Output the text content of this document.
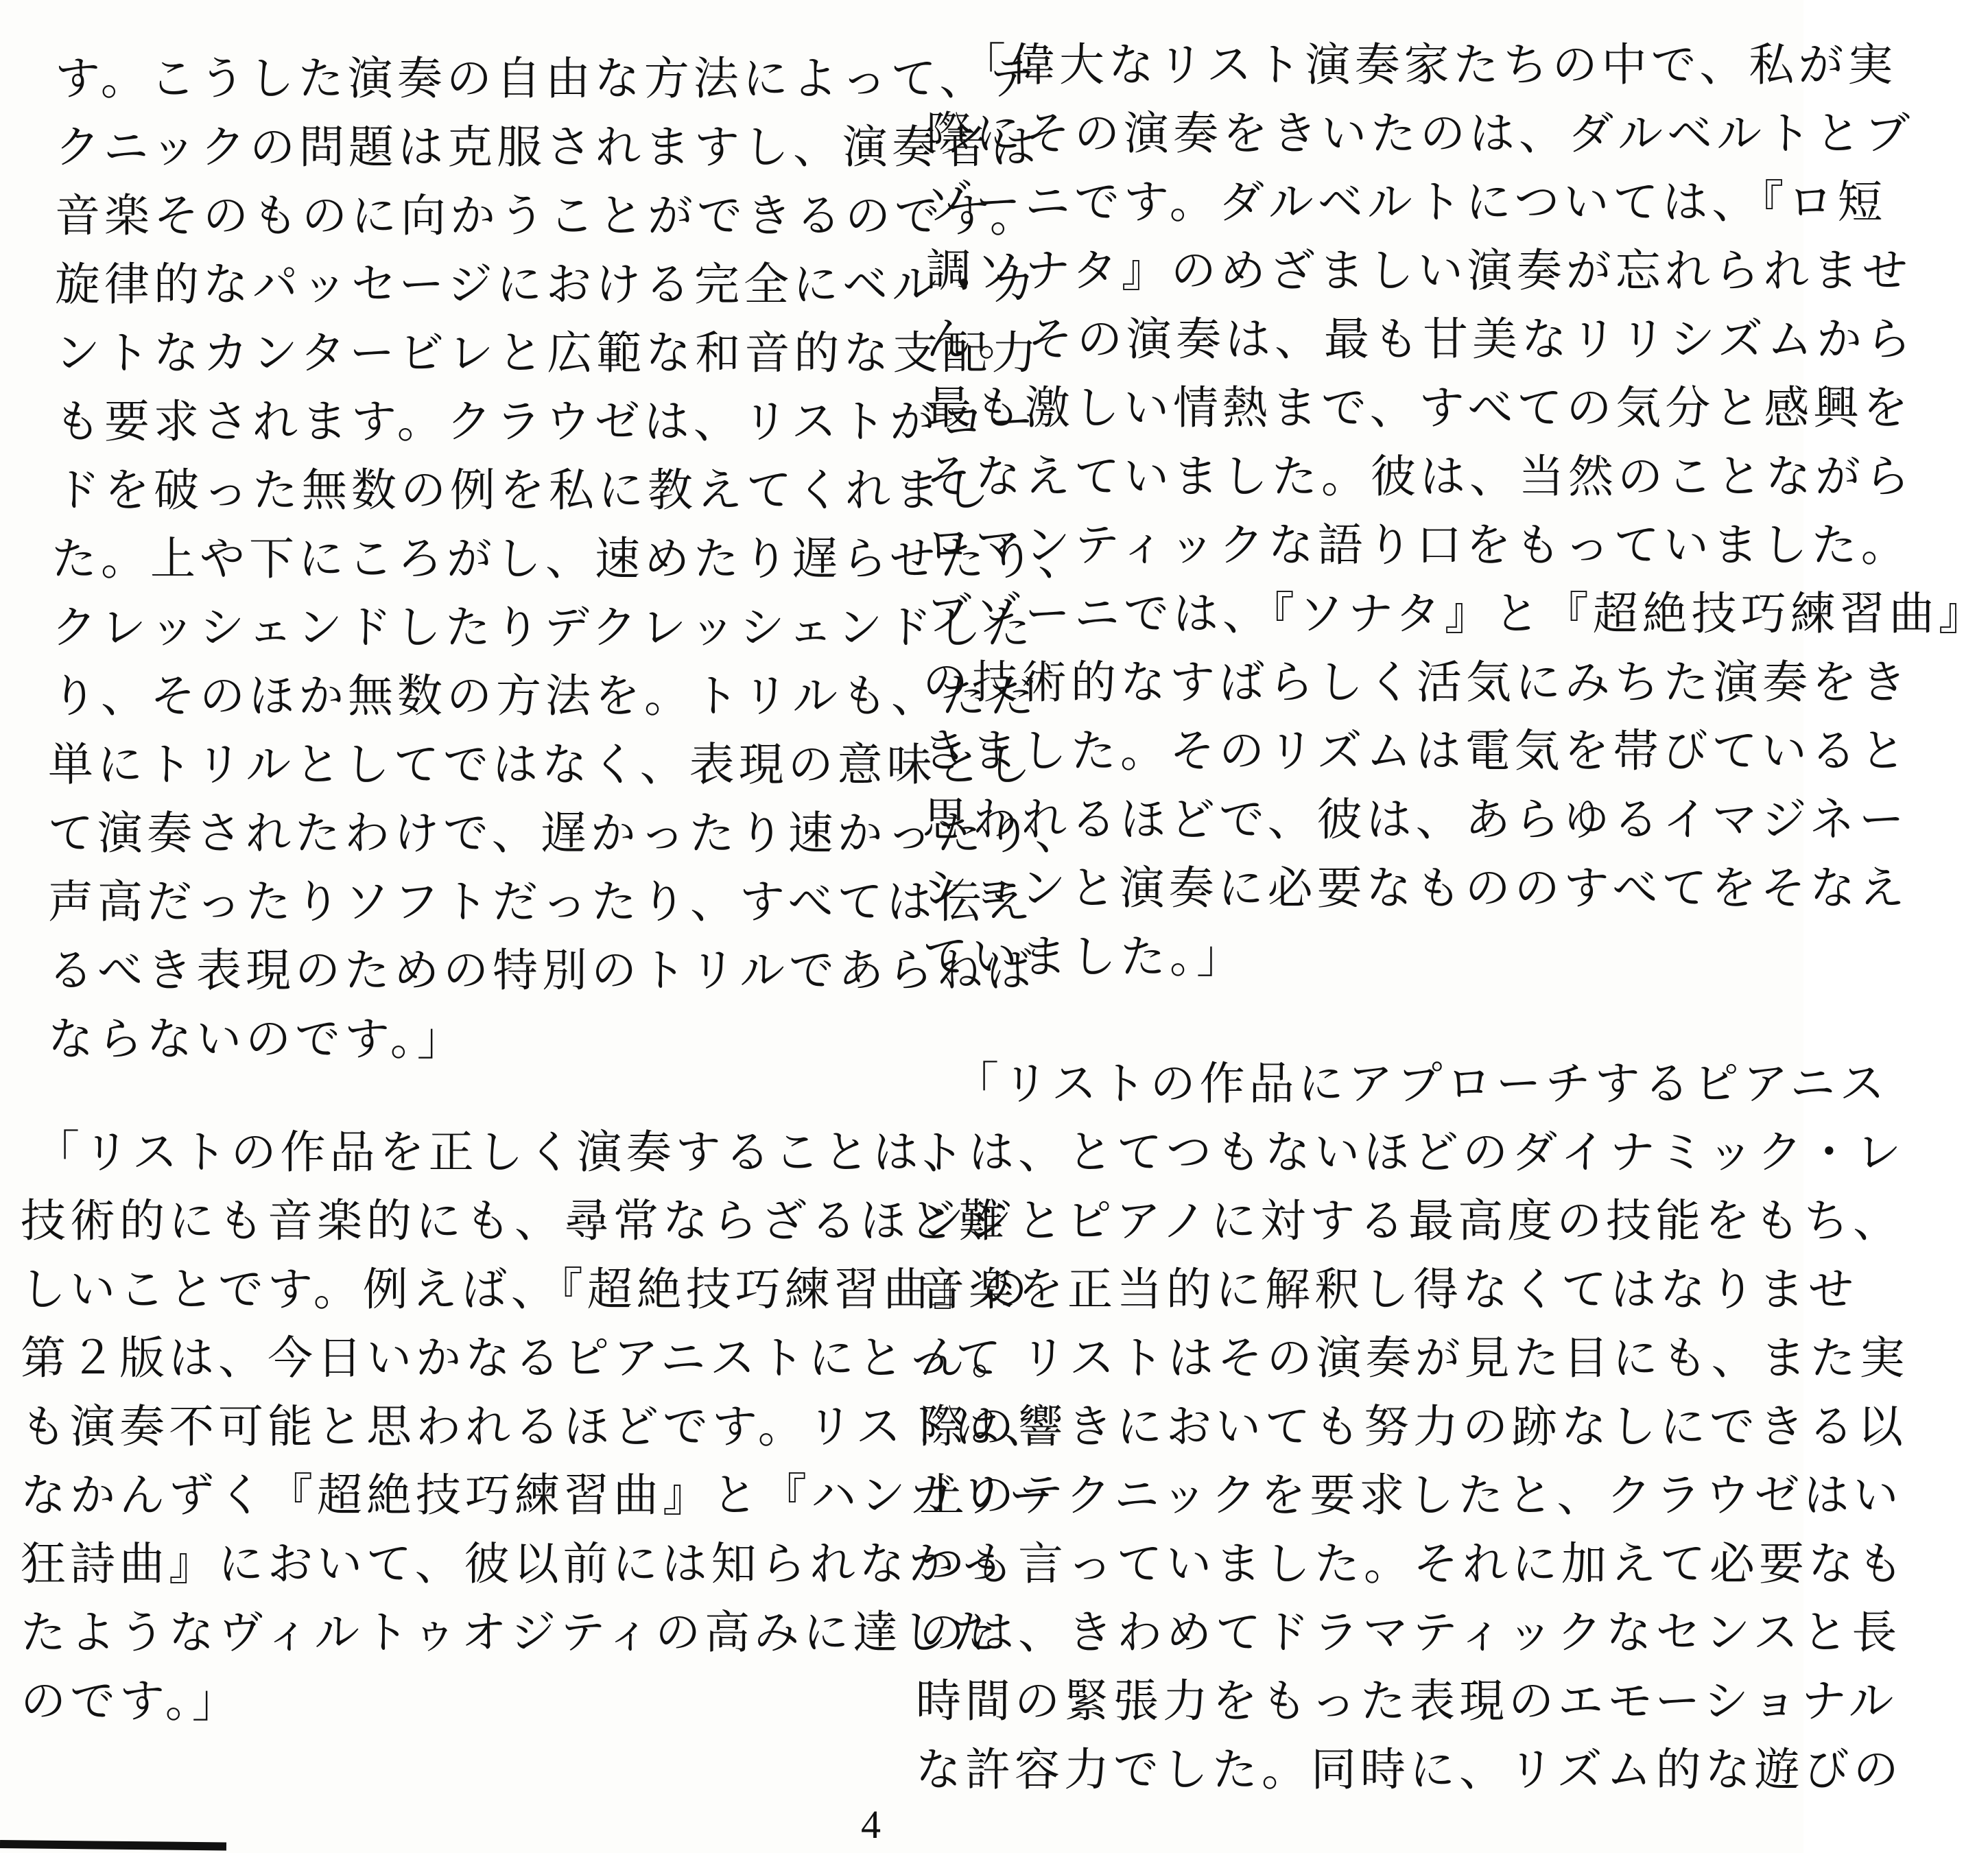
す。こうした演奏の自由な方法によって、テ
クニックの問題は克服されますし、演奏者は
音楽そのものに向かうことができるのです。
旋律的なパッセージにおける完全にベル・カ
ントなカンタービレと広範な和音的な支配力
も要求されます。クラウゼは、リストがコー
ドを破った無数の例を私に教えてくれまし
た。上や下にころがし、速めたり遅らせたり、
クレッシェンドしたりデクレッシェンドした
り、そのほか無数の方法を。トリルも、ただ
単にトリルとしてではなく、表現の意味とし
て演奏されたわけで、遅かったり速かったり、
声高だったりソフトだったり、すべては伝え
るべき表現のための特別のトリルであらねば
ならないのです。」
「リストの作品を正しく演奏することは、
技術的にも音楽的にも、尋常ならざるほど難
しいことです。例えば、『超絶技巧練習曲』の
第２版は、今日いかなるピアニストにとって
も演奏不可能と思われるほどです。リストは、
なかんずく『超絶技巧練習曲』と『ハンガリー
狂詩曲』において、彼以前には知られなかっ
たようなヴィルトゥオジティの高みに達した
のです。」
「偉大なリスト演奏家たちの中で、私が実
際にその演奏をきいたのは、ダルベルトとブ
ゾーニです。ダルベルトについては、『ロ短
調ソナタ』のめざましい演奏が忘れられませ
ん。その演奏は、最も甘美なリリシズムから
最も激しい情熱まで、すべての気分と感興を
そなえていました。彼は、当然のことながら
ロマンティックな語り口をもっていました。
ブゾーニでは、『ソナタ』と『超絶技巧練習曲』
の技術的なすばらしく活気にみちた演奏をき
きました。そのリズムは電気を帯びていると
思われるほどで、彼は、あらゆるイマジネー
ションと演奏に必要なもののすべてをそなえ
ていました。」
「リストの作品にアプローチするピアニス
トは、とてつもないほどのダイナミック・レ
ンジとピアノに対する最高度の技能をもち、
音楽を正当的に解釈し得なくてはなりませ
ん。リストはその演奏が見た目にも、また実
際の響きにおいても努力の跡なしにできる以
上のテクニックを要求したと、クラウゼはい
つも言っていました。それに加えて必要なも
のは、きわめてドラマティックなセンスと長
時間の緊張力をもった表現のエモーショナル
な許容力でした。同時に、リズム的な遊びの
4
